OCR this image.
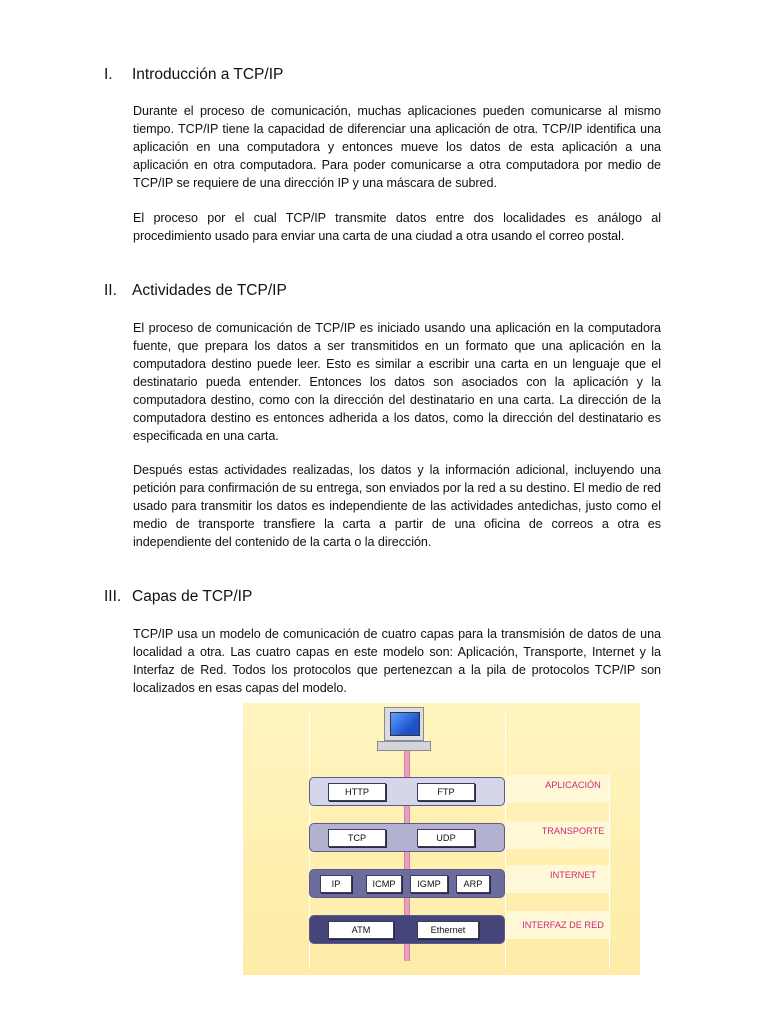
I.	Introducción a TCP/IP

Durante el proceso de comunicación, muchas aplicaciones pueden comunicarse al mismo tiempo. TCP/IP tiene la capacidad de diferenciar una aplicación de otra. TCP/IP identifica una aplicación en una computadora y entonces mueve los datos de esta aplicación a una aplicación en otra computadora. Para poder comunicarse a otra computadora por medio de TCP/IP se requiere de una dirección IP y una máscara de subred.

El proceso por el cual TCP/IP transmite datos entre dos localidades es análogo al procedimiento usado para enviar una carta de una ciudad a otra usando el correo postal.

II. Actividades de TCP/IP

El proceso de comunicación de TCP/IP es iniciado usando una aplicación en la computadora fuente, que prepara los datos a ser transmitidos en un formato que una aplicación en la computadora destino puede leer. Esto es similar a escribir una carta en un lenguaje que el destinatario pueda entender. Entonces los datos son asociados con la aplicación y la computadora destino, como con la dirección del destinatario en una carta. La dirección de la computadora destino es entonces adherida a los datos, como la dirección del destinatario es especificada en una carta.

Después estas actividades realizadas, los datos y la información adicional, incluyendo una petición para confirmación de su entrega, son enviados por la red a su destino. El medio de red usado para transmitir los datos es independiente de las actividades antedichas, justo como el medio de transporte transfiere la carta a partir de una oficina de correos a otra es independiente del contenido de la carta o la dirección.

III. Capas de TCP/IP

TCP/IP usa un modelo de comunicación de cuatro capas para la transmisión de datos de una localidad a otra. Las cuatro capas en este modelo son: Aplicación, Transporte, Internet y la Interfaz de Red. Todos los protocolos que pertenezcan a la pila de protocolos TCP/IP son localizados en esas capas del modelo.

HTTP	FTP
APLICACIÓN
TCP	UDP
TRANSPORTE
IP	ICMP	IGMP	ARP
INTERNET
ATM	Ethernet	INTERFAZ DE RED
